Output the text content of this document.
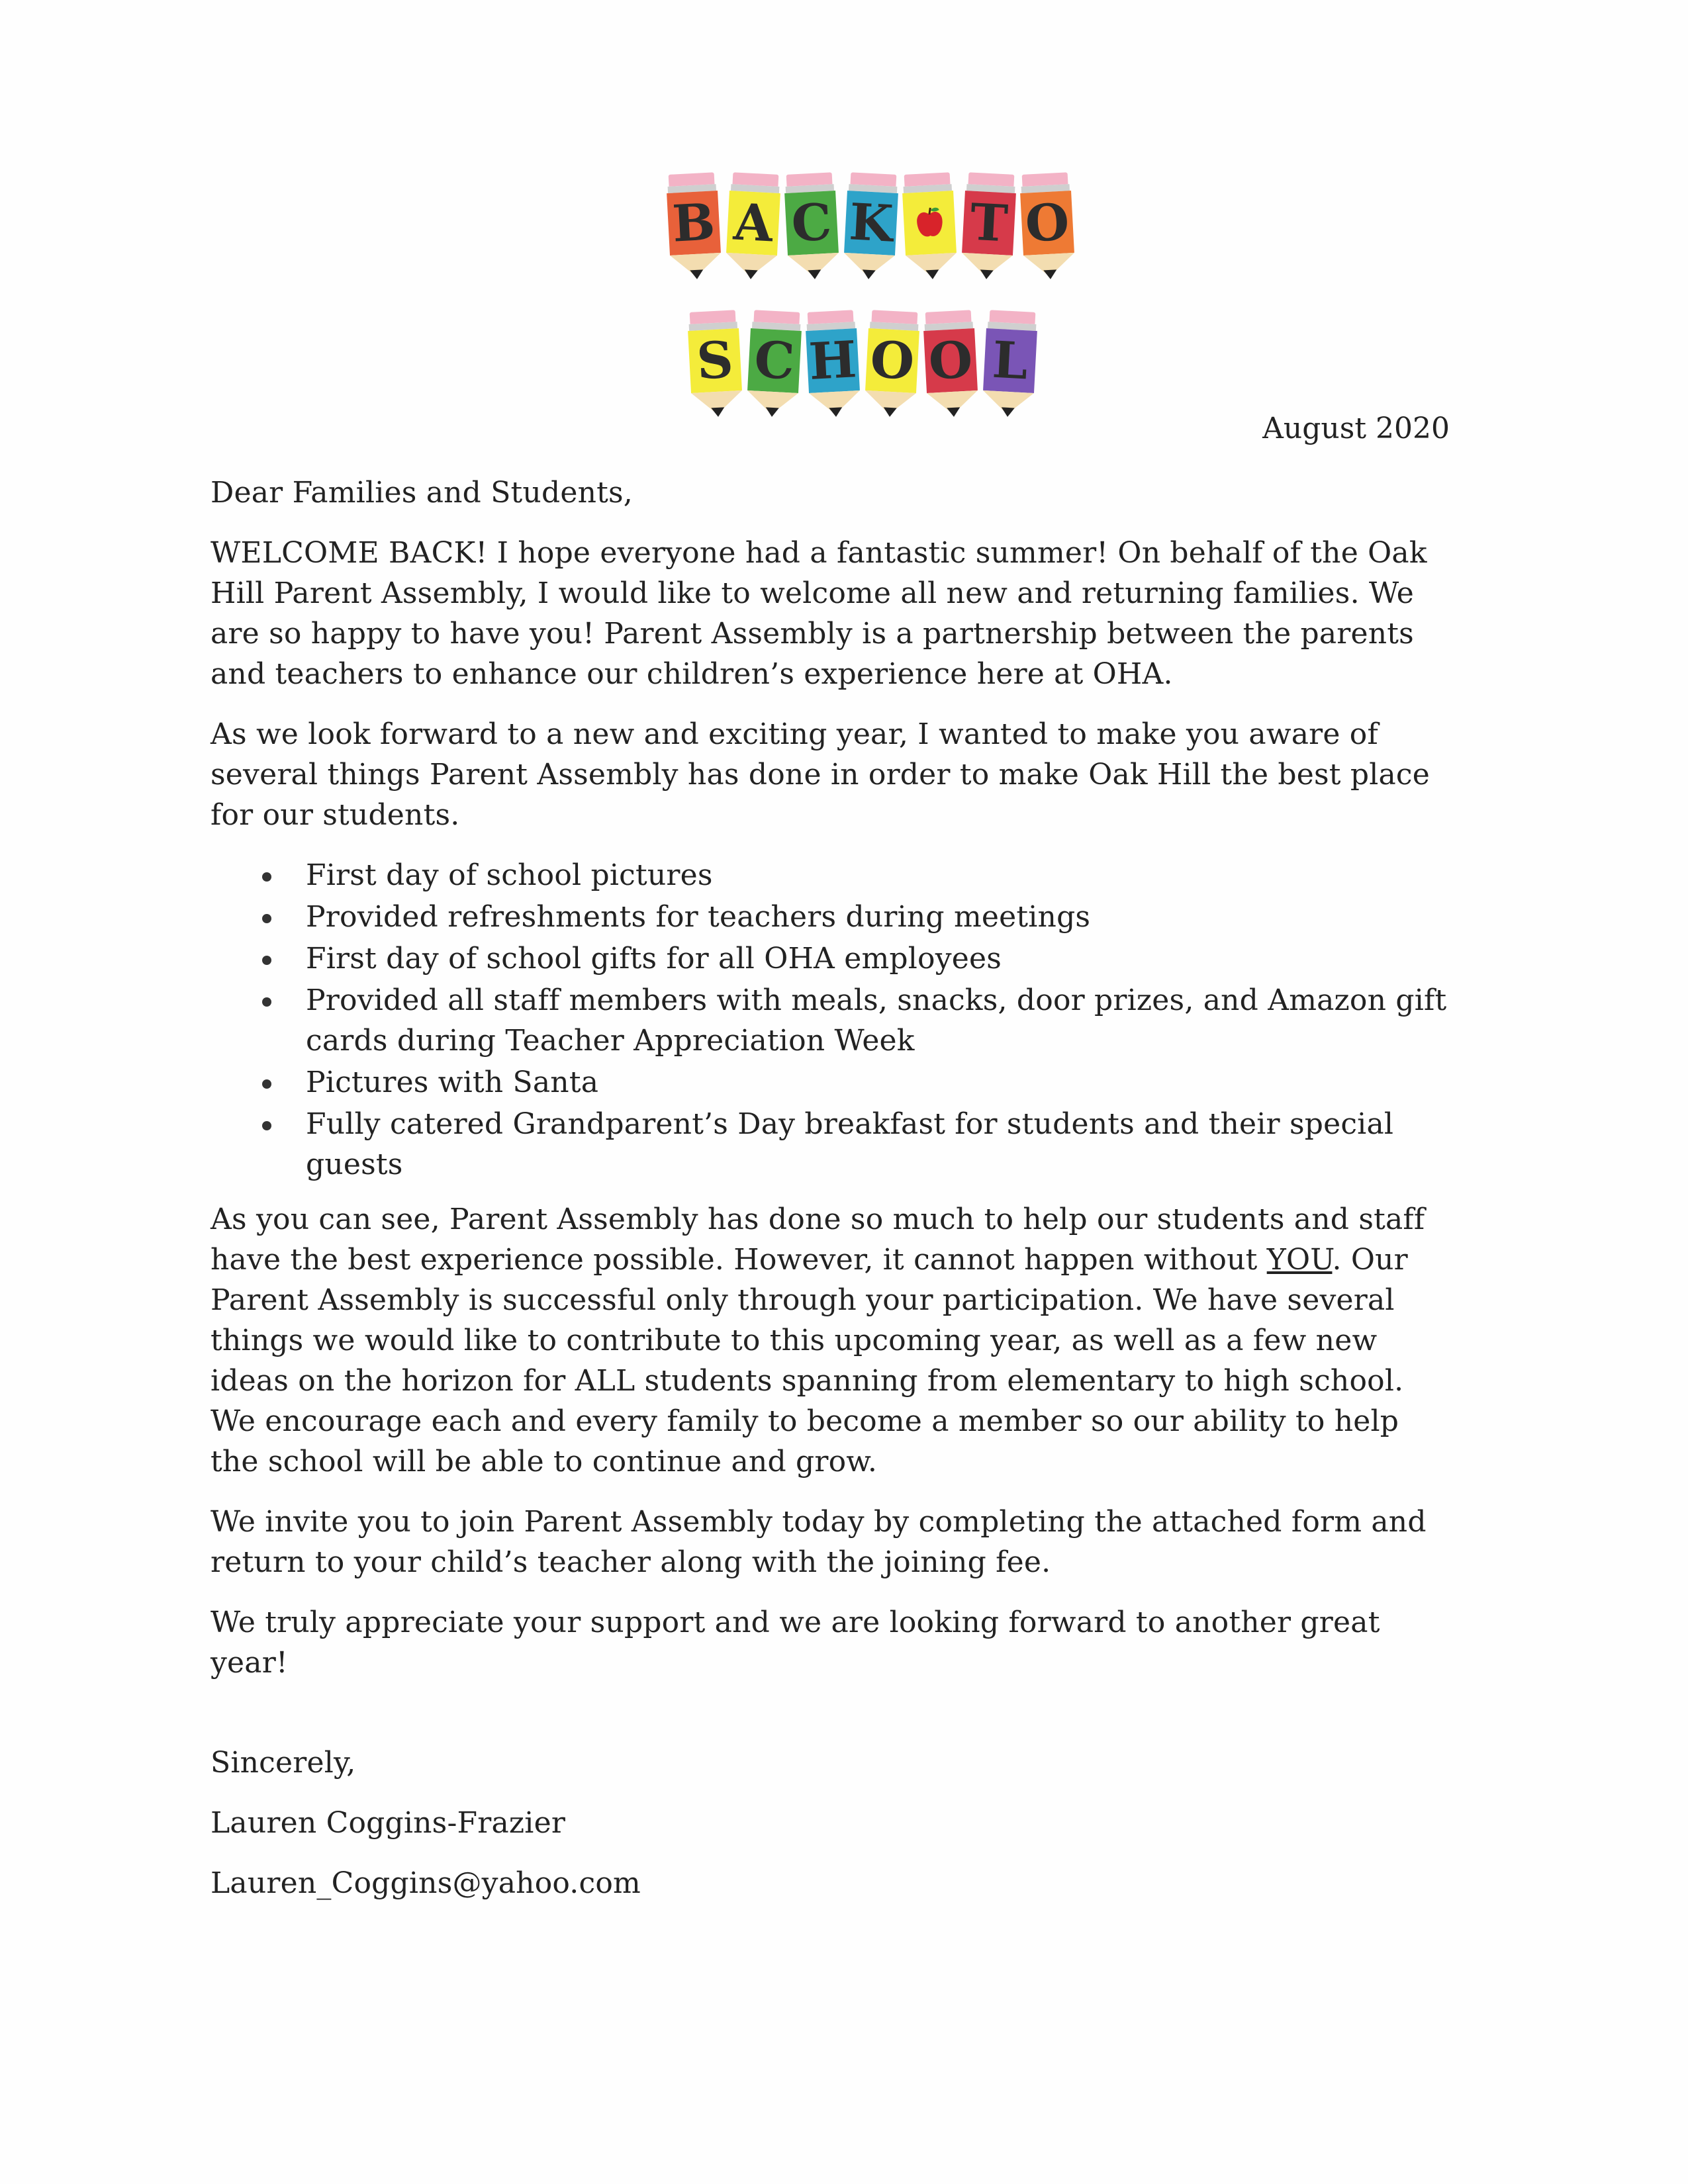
B A C K T O
S C H O O L
August 2020

Dear Families and Students,

WELCOME BACK! I hope everyone had a fantastic summer! On behalf of the Oak Hill Parent Assembly, I would like to welcome all new and returning families. We are so happy to have you! Parent Assembly is a partnership between the parents and teachers to enhance our children’s experience here at OHA.

As we look forward to a new and exciting year, I wanted to make you aware of several things Parent Assembly has done in order to make Oak Hill the best place for our students.

First day of school pictures
Provided refreshments for teachers during meetings
First day of school gifts for all OHA employees
Provided all staff members with meals, snacks, door prizes, and Amazon gift cards during Teacher Appreciation Week
Pictures with Santa
Fully catered Grandparent’s Day breakfast for students and their special guests

As you can see, Parent Assembly has done so much to help our students and staff have the best experience possible. However, it cannot happen without YOU. Our Parent Assembly is successful only through your participation. We have several things we would like to contribute to this upcoming year, as well as a few new ideas on the horizon for ALL students spanning from elementary to high school. We encourage each and every family to become a member so our ability to help the school will be able to continue and grow.

We invite you to join Parent Assembly today by completing the attached form and return to your child’s teacher along with the joining fee.

We truly appreciate your support and we are looking forward to another great year!

Sincerely,

Lauren Coggins-Frazier

Lauren_Coggins@yahoo.com
